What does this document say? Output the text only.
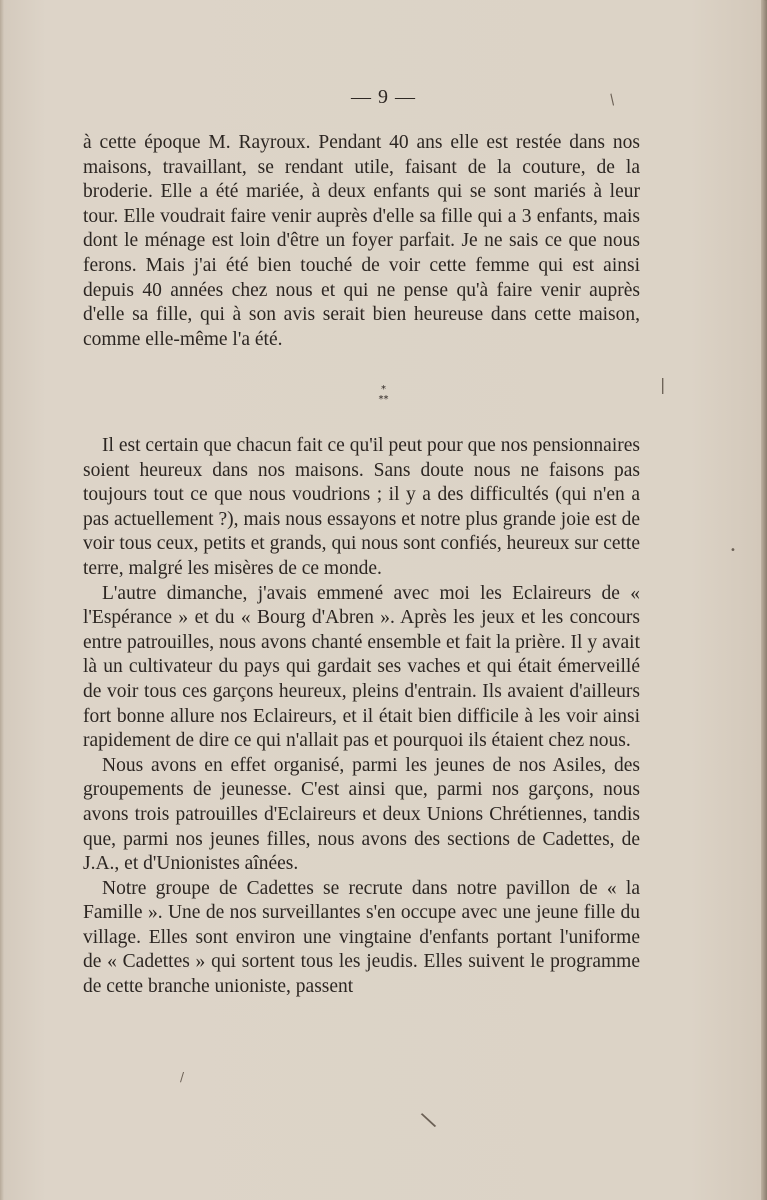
— 9 —

à cette époque M. Rayroux. Pendant 40 ans elle est restée dans nos maisons, travaillant, se rendant utile, faisant de la couture, de la broderie. Elle a été mariée, à deux enfants qui se sont mariés à leur tour. Elle voudrait faire venir auprès d'elle sa fille qui a 3 enfants, mais dont le ménage est loin d'être un foyer parfait. Je ne sais ce que nous ferons. Mais j'ai été bien touché de voir cette femme qui est ainsi depuis 40 années chez nous et qui ne pense qu'à faire venir auprès d'elle sa fille, qui à son avis serait bien heureuse dans cette maison, comme elle-même l'a été.

*
**

Il est certain que chacun fait ce qu'il peut pour que nos pensionnaires soient heureux dans nos maisons. Sans doute nous ne faisons pas toujours tout ce que nous voudrions ; il y a des difficultés (qui n'en a pas actuellement ?), mais nous essayons et notre plus grande joie est de voir tous ceux, petits et grands, qui nous sont confiés, heureux sur cette terre, malgré les misères de ce monde.

L'autre dimanche, j'avais emmené avec moi les Eclaireurs de « l'Espérance » et du « Bourg d'Abren ». Après les jeux et les concours entre patrouilles, nous avons chanté ensemble et fait la prière. Il y avait là un cultivateur du pays qui gardait ses vaches et qui était émerveillé de voir tous ces garçons heureux, pleins d'entrain. Ils avaient d'ailleurs fort bonne allure nos Eclaireurs, et il était bien difficile à les voir ainsi rapidement de dire ce qui n'allait pas et pourquoi ils étaient chez nous.

Nous avons en effet organisé, parmi les jeunes de nos Asiles, des groupements de jeunesse. C'est ainsi que, parmi nos garçons, nous avons trois patrouilles d'Eclaireurs et deux Unions Chrétiennes, tandis que, parmi nos jeunes filles, nous avons des sections de Cadettes, de J.A., et d'Unionistes aînées.

Notre groupe de Cadettes se recrute dans notre pavillon de « la Famille ». Une de nos surveillantes s'en occupe avec une jeune fille du village. Elles sont environ une vingtaine d'enfants portant l'uniforme de « Cadettes » qui sortent tous les jeudis. Elles suivent le programme de cette branche unioniste, passent

/
|
•
\
/
